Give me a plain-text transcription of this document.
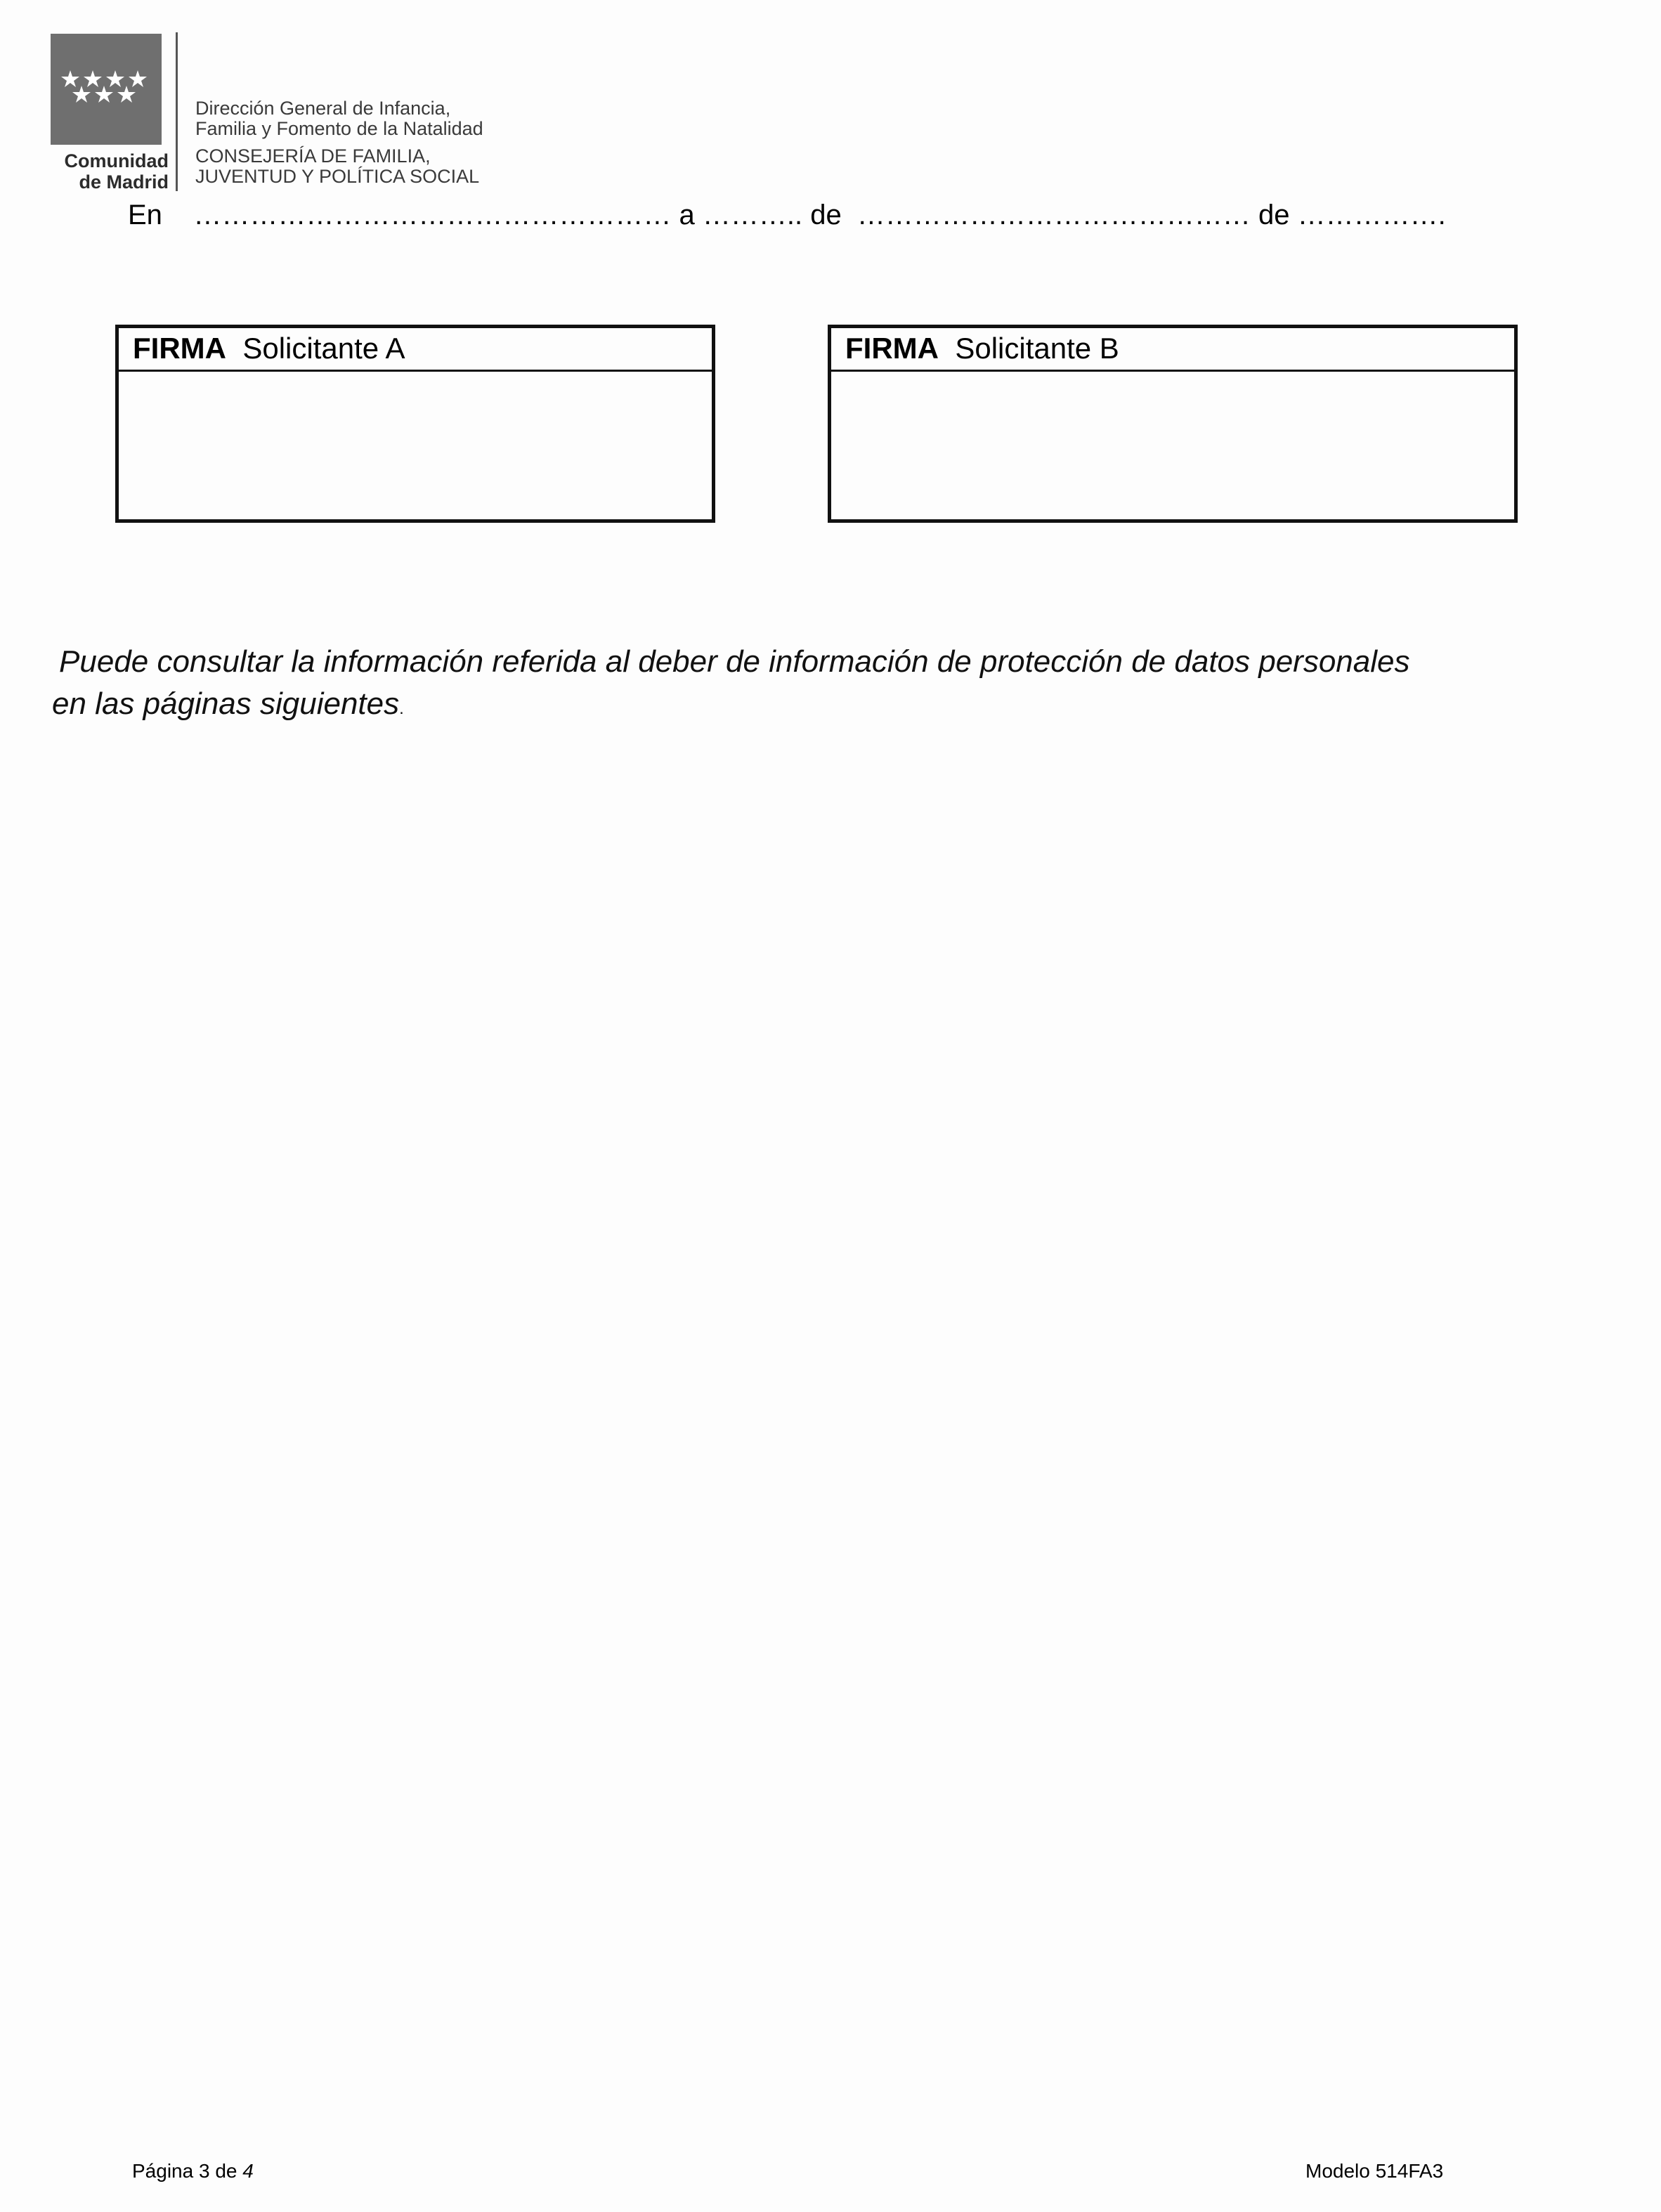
Comunidad
de Madrid
Dirección General de Infancia,
Familia y Fomento de la Natalidad
CONSEJERÍA DE FAMILIA,
JUVENTUD Y POLÍTICA SOCIAL
En    …………………………………………… a ……….. de  …………………………………… de …………….
FIRMA Solicitante A	FIRMA Solicitante B
Puede consultar la información referida al deber de información de protección de datos personales
en las páginas siguientes.
Página 3 de 4	Modelo 514FA3
